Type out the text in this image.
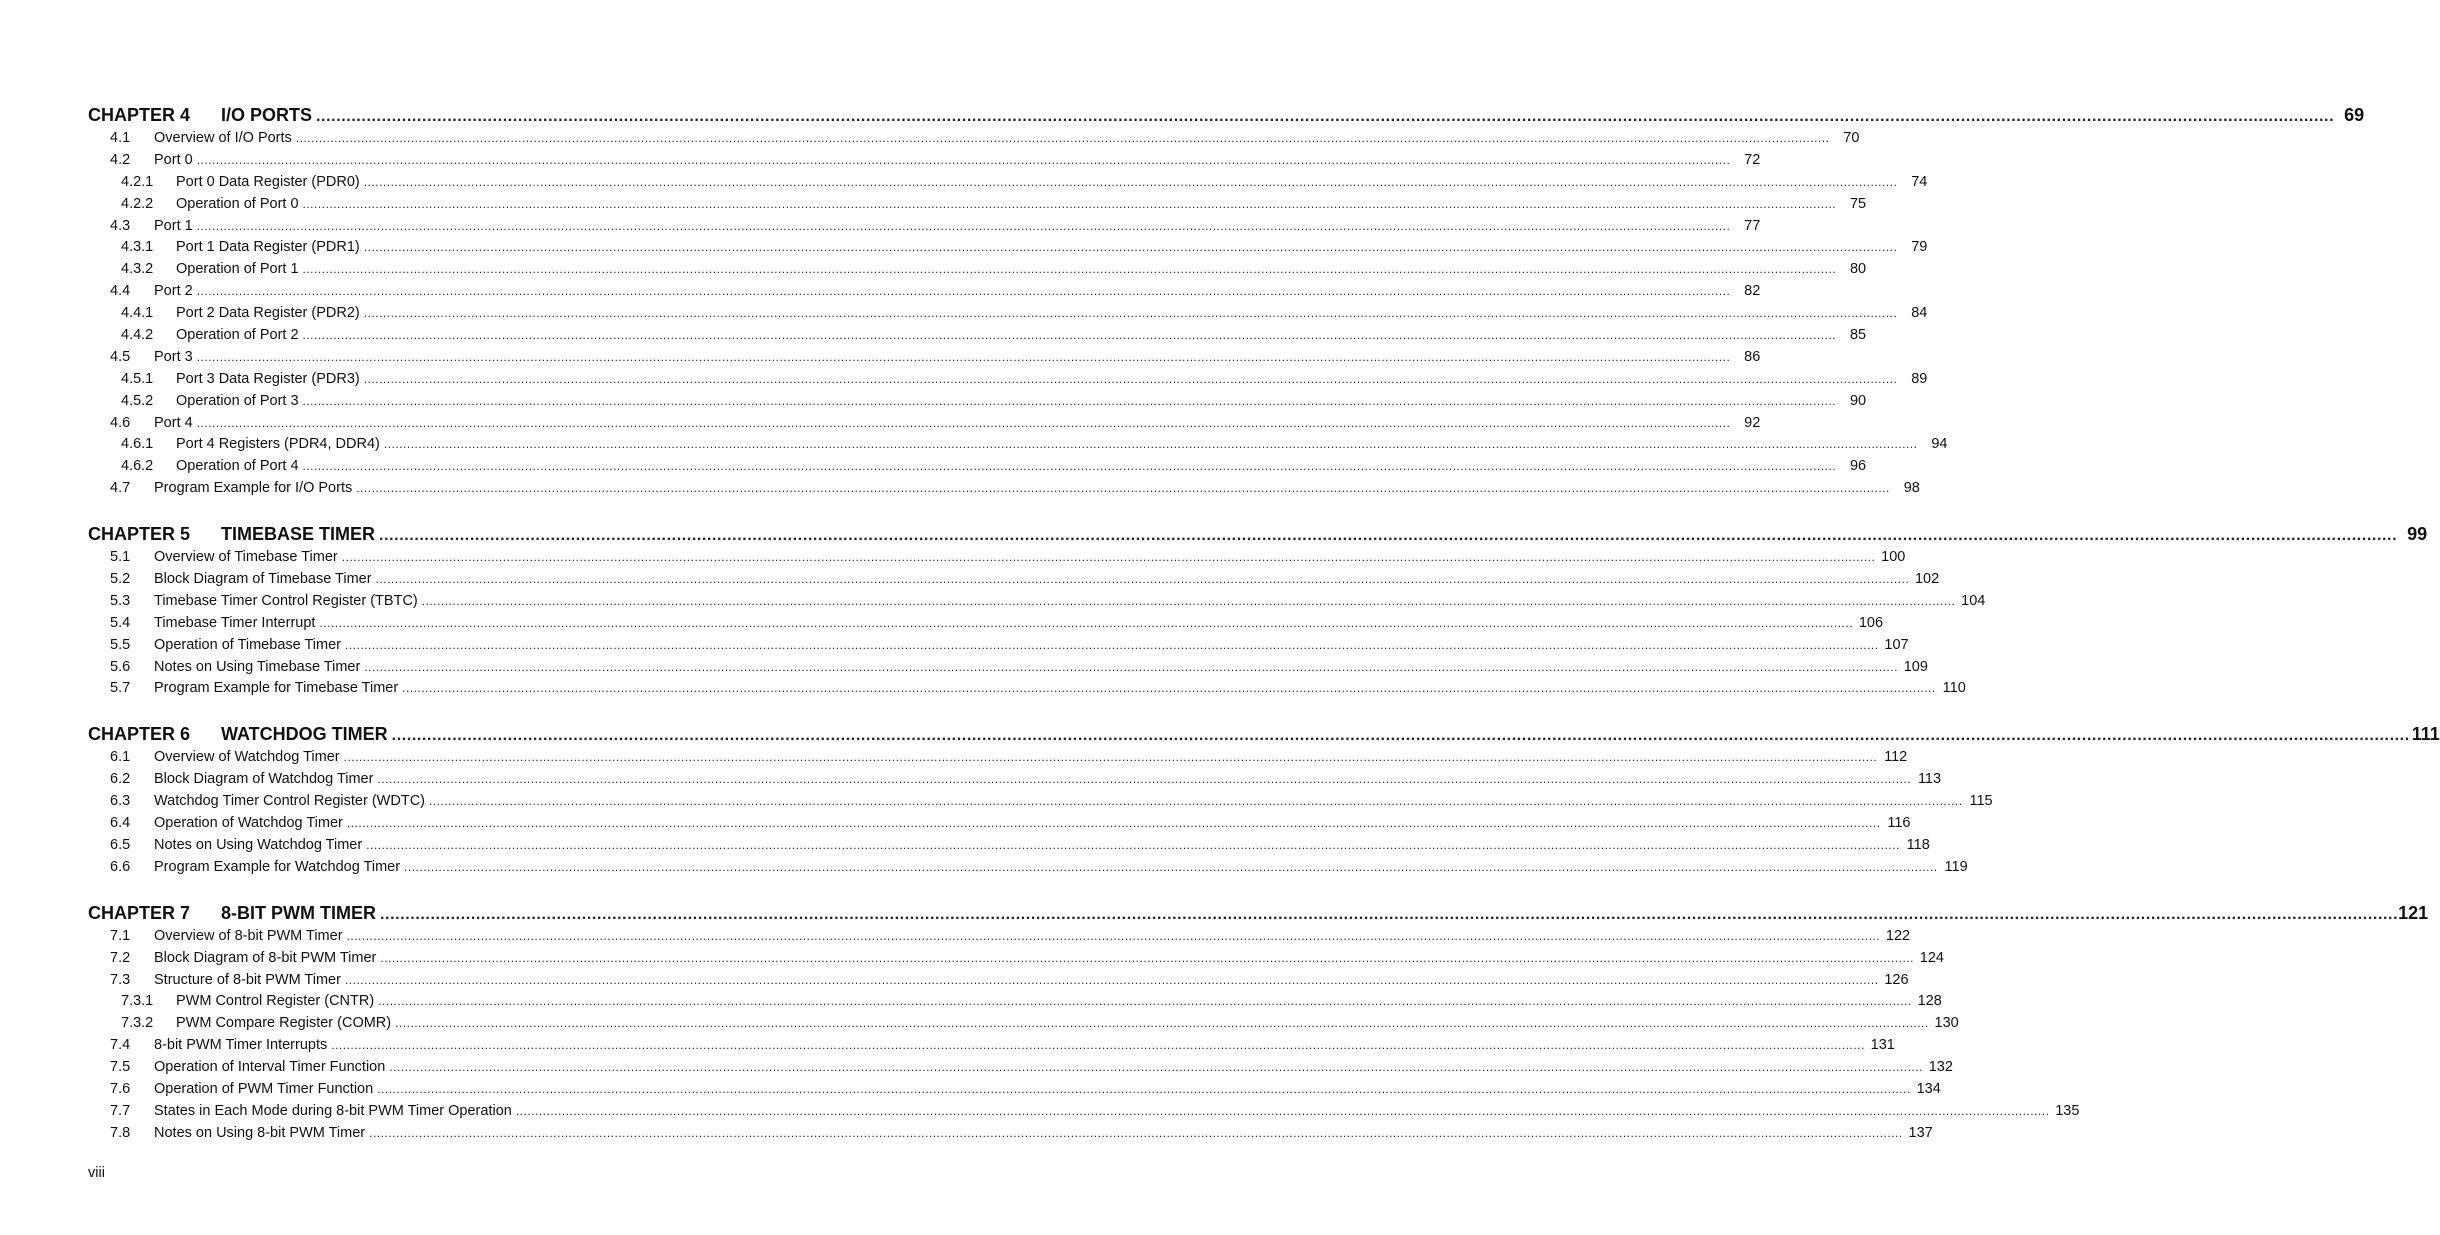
CHAPTER 4	I/O PORTS ................................................................................................................................................................................................................................................................................................................................................................................................................ 69
4.1	Overview of I/O Ports ................................................................................................................................................................................................................................................................................................................................................................................................................ 70
4.2	Port 0 ................................................................................................................................................................................................................................................................................................................................................................................................................ 72
4.2.1	Port 0 Data Register (PDR0) ................................................................................................................................................................................................................................................................................................................................................................................................................ 74
4.2.2	Operation of Port 0 ................................................................................................................................................................................................................................................................................................................................................................................................................ 75
4.3	Port 1 ................................................................................................................................................................................................................................................................................................................................................................................................................ 77
4.3.1	Port 1 Data Register (PDR1) ................................................................................................................................................................................................................................................................................................................................................................................................................ 79
4.3.2	Operation of Port 1 ................................................................................................................................................................................................................................................................................................................................................................................................................ 80
4.4	Port 2 ................................................................................................................................................................................................................................................................................................................................................................................................................ 82
4.4.1	Port 2 Data Register (PDR2) ................................................................................................................................................................................................................................................................................................................................................................................................................ 84
4.4.2	Operation of Port 2 ................................................................................................................................................................................................................................................................................................................................................................................................................ 85
4.5	Port 3 ................................................................................................................................................................................................................................................................................................................................................................................................................ 86
4.5.1	Port 3 Data Register (PDR3) ................................................................................................................................................................................................................................................................................................................................................................................................................ 89
4.5.2	Operation of Port 3 ................................................................................................................................................................................................................................................................................................................................................................................................................ 90
4.6	Port 4 ................................................................................................................................................................................................................................................................................................................................................................................................................ 92
4.6.1	Port 4 Registers (PDR4, DDR4) ................................................................................................................................................................................................................................................................................................................................................................................................................ 94
4.6.2	Operation of Port 4 ................................................................................................................................................................................................................................................................................................................................................................................................................ 96
4.7	Program Example for I/O Ports ................................................................................................................................................................................................................................................................................................................................................................................................................ 98
CHAPTER 5	TIMEBASE TIMER ................................................................................................................................................................................................................................................................................................................................................................................................................ 99
5.1	Overview of Timebase Timer ................................................................................................................................................................................................................................................................................................................................................................................................................ 100
5.2	Block Diagram of Timebase Timer ................................................................................................................................................................................................................................................................................................................................................................................................................ 102
5.3	Timebase Timer Control Register (TBTC) ................................................................................................................................................................................................................................................................................................................................................................................................................ 104
5.4	Timebase Timer Interrupt ................................................................................................................................................................................................................................................................................................................................................................................................................ 106
5.5	Operation of Timebase Timer ................................................................................................................................................................................................................................................................................................................................................................................................................ 107
5.6	Notes on Using Timebase Timer ................................................................................................................................................................................................................................................................................................................................................................................................................ 109
5.7	Program Example for Timebase Timer ................................................................................................................................................................................................................................................................................................................................................................................................................ 110
CHAPTER 6	WATCHDOG TIMER ................................................................................................................................................................................................................................................................................................................................................................................................................ 111
6.1	Overview of Watchdog Timer ................................................................................................................................................................................................................................................................................................................................................................................................................ 112
6.2	Block Diagram of Watchdog Timer ................................................................................................................................................................................................................................................................................................................................................................................................................ 113
6.3	Watchdog Timer Control Register (WDTC) ................................................................................................................................................................................................................................................................................................................................................................................................................ 115
6.4	Operation of Watchdog Timer ................................................................................................................................................................................................................................................................................................................................................................................................................ 116
6.5	Notes on Using Watchdog Timer ................................................................................................................................................................................................................................................................................................................................................................................................................ 118
6.6	Program Example for Watchdog Timer ................................................................................................................................................................................................................................................................................................................................................................................................................ 119
CHAPTER 7	8-BIT PWM TIMER ................................................................................................................................................................................................................................................................................................................................................................................................................ 121
7.1	Overview of 8-bit PWM Timer ................................................................................................................................................................................................................................................................................................................................................................................................................ 122
7.2	Block Diagram of 8-bit PWM Timer ................................................................................................................................................................................................................................................................................................................................................................................................................ 124
7.3	Structure of 8-bit PWM Timer ................................................................................................................................................................................................................................................................................................................................................................................................................ 126
7.3.1	PWM Control Register (CNTR) ................................................................................................................................................................................................................................................................................................................................................................................................................ 128
7.3.2	PWM Compare Register (COMR) ................................................................................................................................................................................................................................................................................................................................................................................................................ 130
7.4	8-bit PWM Timer Interrupts ................................................................................................................................................................................................................................................................................................................................................................................................................ 131
7.5	Operation of Interval Timer Function ................................................................................................................................................................................................................................................................................................................................................................................................................ 132
7.6	Operation of PWM Timer Function ................................................................................................................................................................................................................................................................................................................................................................................................................ 134
7.7	States in Each Mode during 8-bit PWM Timer Operation ................................................................................................................................................................................................................................................................................................................................................................................................................ 135
7.8	Notes on Using 8-bit PWM Timer ................................................................................................................................................................................................................................................................................................................................................................................................................ 137
viii
